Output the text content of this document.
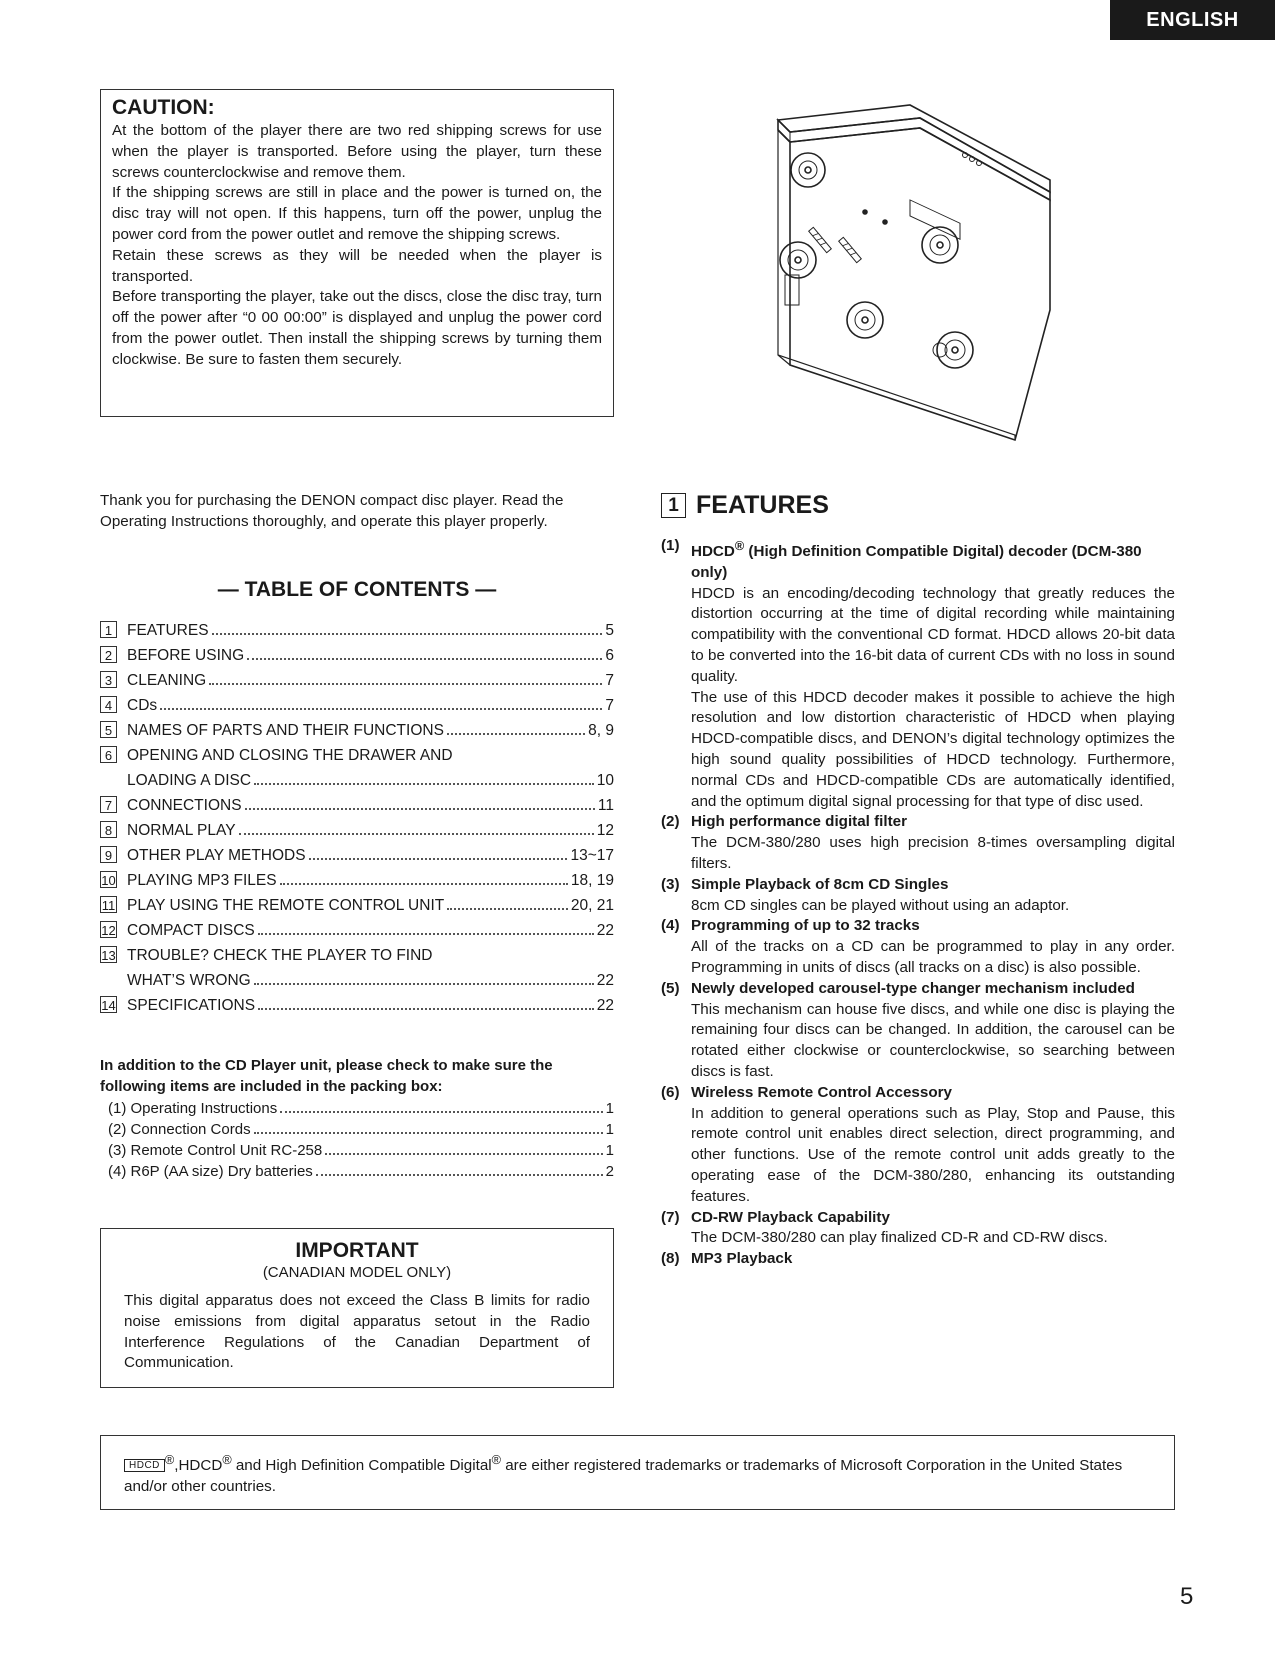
ENGLISH
CAUTION:

At the bottom of the player there are two red shipping screws for use when the player is transported. Before using the player, turn these screws counterclockwise and remove them.

If the shipping screws are still in place and the power is turned on, the disc tray will not open. If this happens, turn off the power, unplug the power cord from the power outlet and remove the shipping screws.

Retain these screws as they will be needed when the player is transported.

Before transporting the player, take out the discs, close the disc tray, turn off the power after “0 00 00:00” is displayed and unplug the power cord from the power outlet. Then install the shipping screws by turning them clockwise. Be sure to fasten them securely.

Thank you for purchasing the DENON compact disc player. Read the Operating Instructions thoroughly, and operate this player properly.
— TABLE OF CONTENTS —
1 FEATURES	5
2 BEFORE USING	6
3 CLEANING	7
4 CDs	7
5 NAMES OF PARTS AND THEIR FUNCTIONS	8, 9
6 OPENING AND CLOSING THE DRAWER AND
LOADING A DISC	10
7 CONNECTIONS	11
8 NORMAL PLAY	12
9 OTHER PLAY METHODS	13~17
10 PLAYING MP3 FILES	18, 19
11 PLAY USING THE REMOTE CONTROL UNIT	20, 21
12 COMPACT DISCS	22
13 TROUBLE? CHECK THE PLAYER TO FIND
WHAT’S WRONG	22
14 SPECIFICATIONS	22
In addition to the CD Player unit, please check to make sure the following items are included in the packing box:
(1) Operating Instructions	1
(2) Connection Cords	1
(3) Remote Control Unit RC-258	1
(4) R6P (AA size) Dry batteries	2
IMPORTANT
(CANADIAN MODEL ONLY)

This digital apparatus does not exceed the Class B limits for radio noise emissions from digital apparatus setout in the Radio Interference Regulations of the Canadian Department of Communication.

1 FEATURES
(1) HDCD® (High Definition Compatible Digital) decoder (DCM-380 only)

HDCD is an encoding/decoding technology that greatly reduces the distortion occurring at the time of digital recording while maintaining compatibility with the conventional CD format. HDCD allows 20-bit data to be converted into the 16-bit data of current CDs with no loss in sound quality.

The use of this HDCD decoder makes it possible to achieve the high resolution and low distortion characteristic of HDCD when playing HDCD-compatible discs, and DENON’s digital technology optimizes the high sound quality possibilities of HDCD technology. Furthermore, normal CDs and HDCD-compatible CDs are automatically identified, and the optimum digital signal processing for that type of disc used.

(2) High performance digital filter

The DCM-380/280 uses high precision 8-times oversampling digital filters.

(3) Simple Playback of 8cm CD Singles

8cm CD singles can be played without using an adaptor.

(4) Programming of up to 32 tracks

All of the tracks on a CD can be programmed to play in any order. Programming in units of discs (all tracks on a disc) is also possible.

(5) Newly developed carousel-type changer mechanism included

This mechanism can house five discs, and while one disc is playing the remaining four discs can be changed. In addition, the carousel can be rotated either clockwise or counterclockwise, so searching between discs is fast.

(6) Wireless Remote Control Accessory

In addition to general operations such as Play, Stop and Pause, this remote control unit enables direct selection, direct programming, and other functions. Use of the remote control unit adds greatly to the operating ease of the DCM-380/280, enhancing its outstanding features.

(7) CD-RW Playback Capability

The DCM-380/280 can play finalized CD-R and CD-RW discs.

(8) MP3 Playback

HDCD ®,HDCD® and High Definition Compatible Digital® are either registered trademarks or trademarks of Microsoft Corporation in the United States and/or other countries.

5
